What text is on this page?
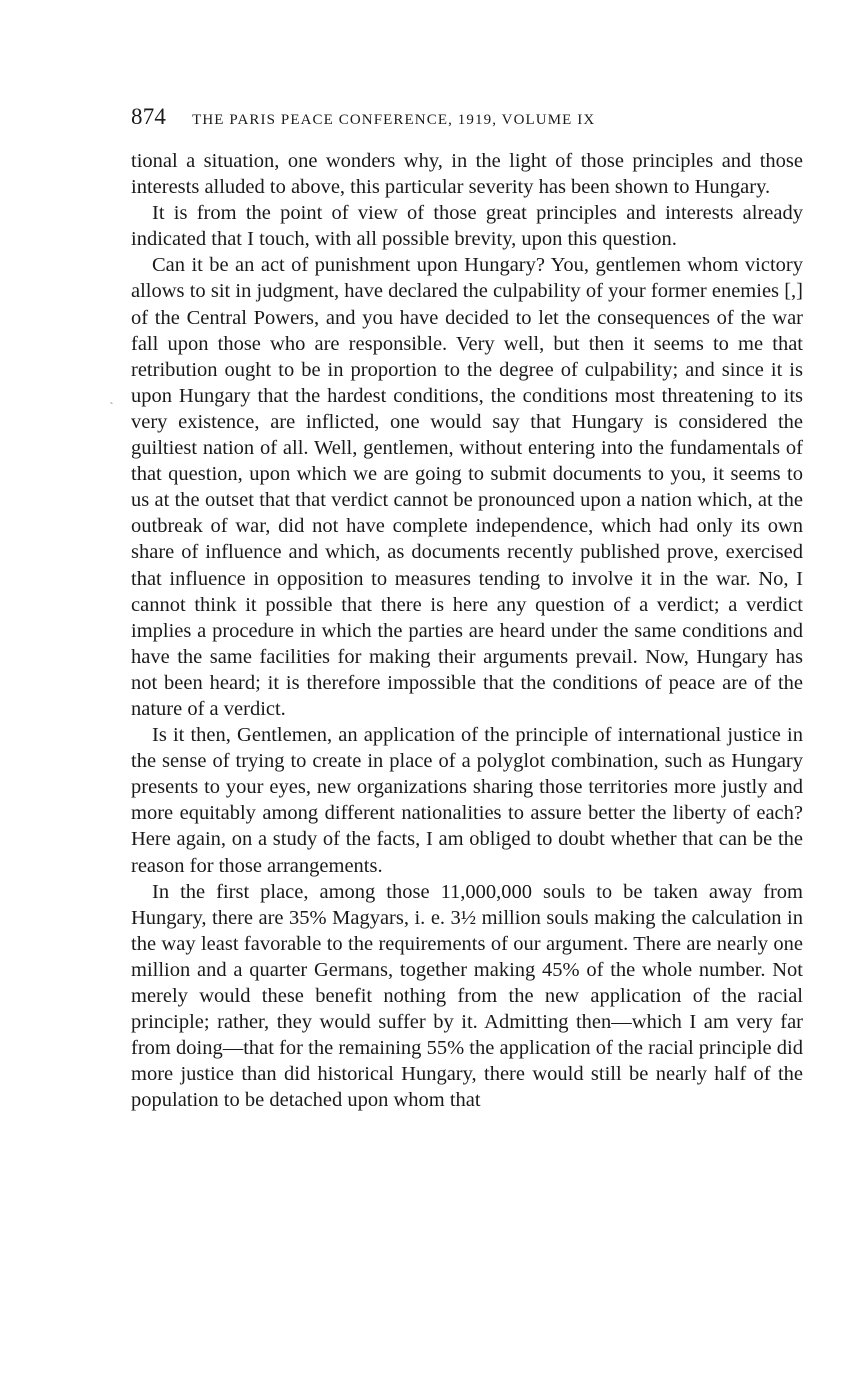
ˏ
874 THE PARIS PEACE CONFERENCE, 1919, VOLUME IX

tional a situation, one wonders why, in the light of those principles and those interests alluded to above, this particular severity has been shown to Hungary.

It is from the point of view of those great principles and interests already indicated that I touch, with all possible brevity, upon this question.

Can it be an act of punishment upon Hungary? You, gentlemen whom victory allows to sit in judgment, have declared the culpability of your former enemies [,] of the Central Powers, and you have decided to let the consequences of the war fall upon those who are responsible. Very well, but then it seems to me that retribution ought to be in proportion to the degree of culpability; and since it is upon Hungary that the hardest conditions, the conditions most threatening to its very existence, are inflicted, one would say that Hungary is considered the guiltiest nation of all. Well, gentlemen, without entering into the fundamentals of that question, upon which we are going to submit documents to you, it seems to us at the outset that that verdict cannot be pronounced upon a nation which, at the outbreak of war, did not have complete independence, which had only its own share of influence and which, as documents recently published prove, exercised that influence in opposition to measures tending to involve it in the war. No, I cannot think it possible that there is here any question of a verdict; a verdict implies a procedure in which the parties are heard under the same conditions and have the same facilities for making their arguments prevail. Now, Hungary has not been heard; it is therefore impossible that the conditions of peace are of the nature of a verdict.

Is it then, Gentlemen, an application of the principle of international justice in the sense of trying to create in place of a polyglot combination, such as Hungary presents to your eyes, new organizations sharing those territories more justly and more equitably among different nationalities to assure better the liberty of each? Here again, on a study of the facts, I am obliged to doubt whether that can be the reason for those arrangements.

In the first place, among those 11,000,000 souls to be taken away from Hungary, there are 35% Magyars, i. e. 3½ million souls making the calculation in the way least favorable to the requirements of our argument. There are nearly one million and a quarter Germans, together making 45% of the whole number. Not merely would these benefit nothing from the new application of the racial principle; rather, they would suffer by it. Admitting then—which I am very far from doing—that for the remaining 55% the application of the racial principle did more justice than did historical Hungary, there would still be nearly half of the population to be detached upon whom that
